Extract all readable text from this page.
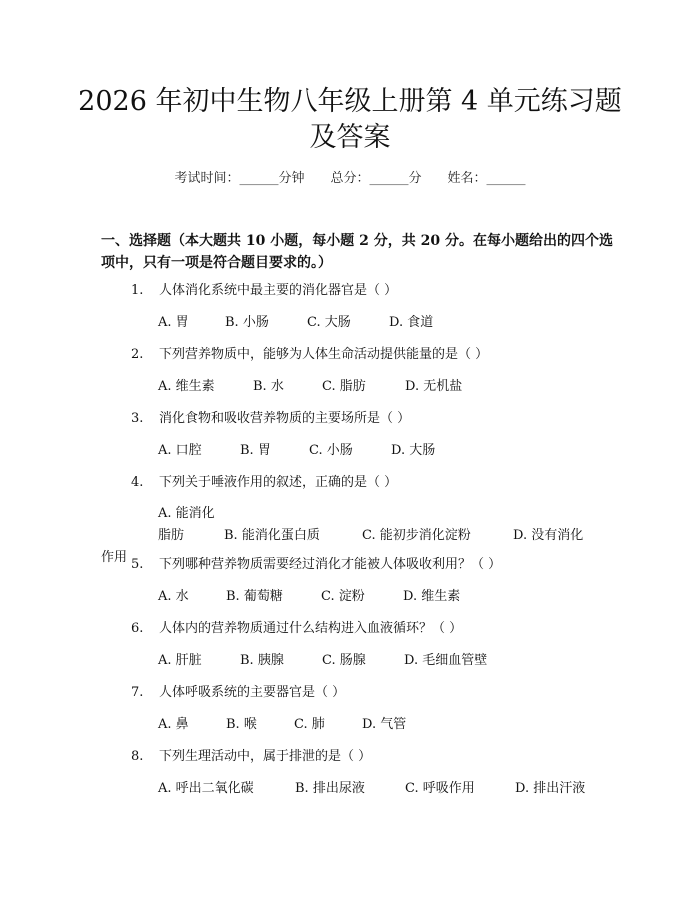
2026 年初中生物八年级上册第 4 单元练习题
及答案
考试时间：______分钟 总分：______分 姓名：______
一、选择题（本大题共 10 小题，每小题 2 分，共 20 分。在每小题给出的四个选项中，只有一项是符合题目要求的。）
1. 人体消化系统中最主要的消化器官是（ ）
A. 胃	B. 小肠	C. 大肠	D. 食道
2. 下列营养物质中，能够为人体生命活动提供能量的是（ ）
A. 维生素	B. 水	C. 脂肪	D. 无机盐
3. 消化食物和吸收营养物质的主要场所是（ ）
A. 口腔	B. 胃	C. 小肠	D. 大肠
4. 下列关于唾液作用的叙述，正确的是（ ）
A. 能消化脂肪	B. 能消化蛋白质	C. 能初步消化淀粉	D. 没有消化作用 5. 下列哪种营养物质需要经过消化才能被人体吸收利用？（ ）
A. 水	B. 葡萄糖	C. 淀粉	D. 维生素
6. 人体内的营养物质通过什么结构进入血液循环？（ ）
A. 肝脏	B. 胰腺	C. 肠腺	D. 毛细血管壁
7. 人体呼吸系统的主要器官是（ ）
A. 鼻	B. 喉	C. 肺	D. 气管
8. 下列生理活动中，属于排泄的是（ ）
A. 呼出二氧化碳	B. 排出尿液	C. 呼吸作用	D. 排出汗液
